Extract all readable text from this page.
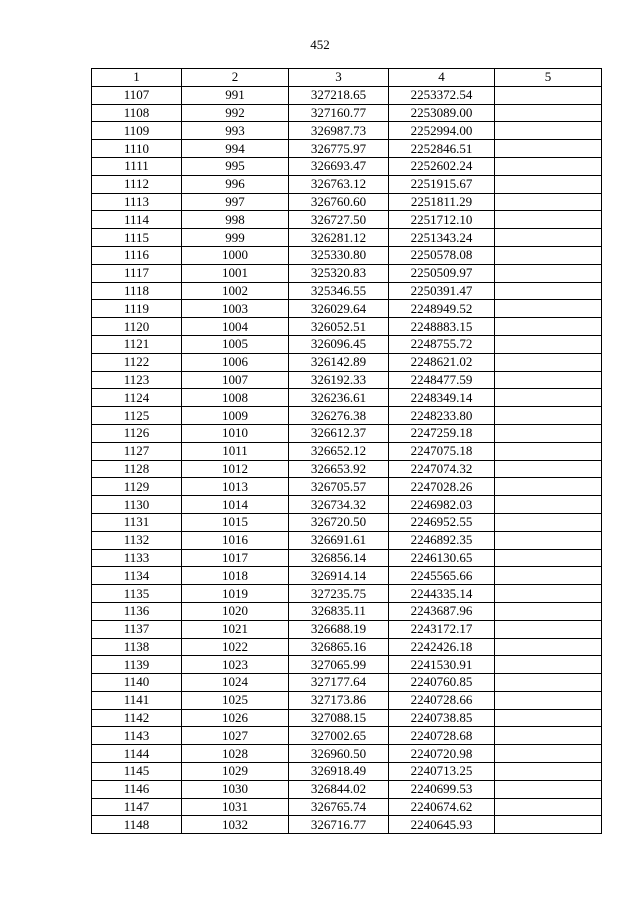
452
1	2	3	4	5
1107	991	327218.65	2253372.54	
1108	992	327160.77	2253089.00	
1109	993	326987.73	2252994.00	
1110	994	326775.97	2252846.51	
1111	995	326693.47	2252602.24	
1112	996	326763.12	2251915.67	
1113	997	326760.60	2251811.29	
1114	998	326727.50	2251712.10	
1115	999	326281.12	2251343.24	
1116	1000	325330.80	2250578.08	
1117	1001	325320.83	2250509.97	
1118	1002	325346.55	2250391.47	
1119	1003	326029.64	2248949.52	
1120	1004	326052.51	2248883.15	
1121	1005	326096.45	2248755.72	
1122	1006	326142.89	2248621.02	
1123	1007	326192.33	2248477.59	
1124	1008	326236.61	2248349.14	
1125	1009	326276.38	2248233.80	
1126	1010	326612.37	2247259.18	
1127	1011	326652.12	2247075.18	
1128	1012	326653.92	2247074.32	
1129	1013	326705.57	2247028.26	
1130	1014	326734.32	2246982.03	
1131	1015	326720.50	2246952.55	
1132	1016	326691.61	2246892.35	
1133	1017	326856.14	2246130.65	
1134	1018	326914.14	2245565.66	
1135	1019	327235.75	2244335.14	
1136	1020	326835.11	2243687.96	
1137	1021	326688.19	2243172.17	
1138	1022	326865.16	2242426.18	
1139	1023	327065.99	2241530.91	
1140	1024	327177.64	2240760.85	
1141	1025	327173.86	2240728.66	
1142	1026	327088.15	2240738.85	
1143	1027	327002.65	2240728.68	
1144	1028	326960.50	2240720.98	
1145	1029	326918.49	2240713.25	
1146	1030	326844.02	2240699.53	
1147	1031	326765.74	2240674.62	
1148	1032	326716.77	2240645.93	
